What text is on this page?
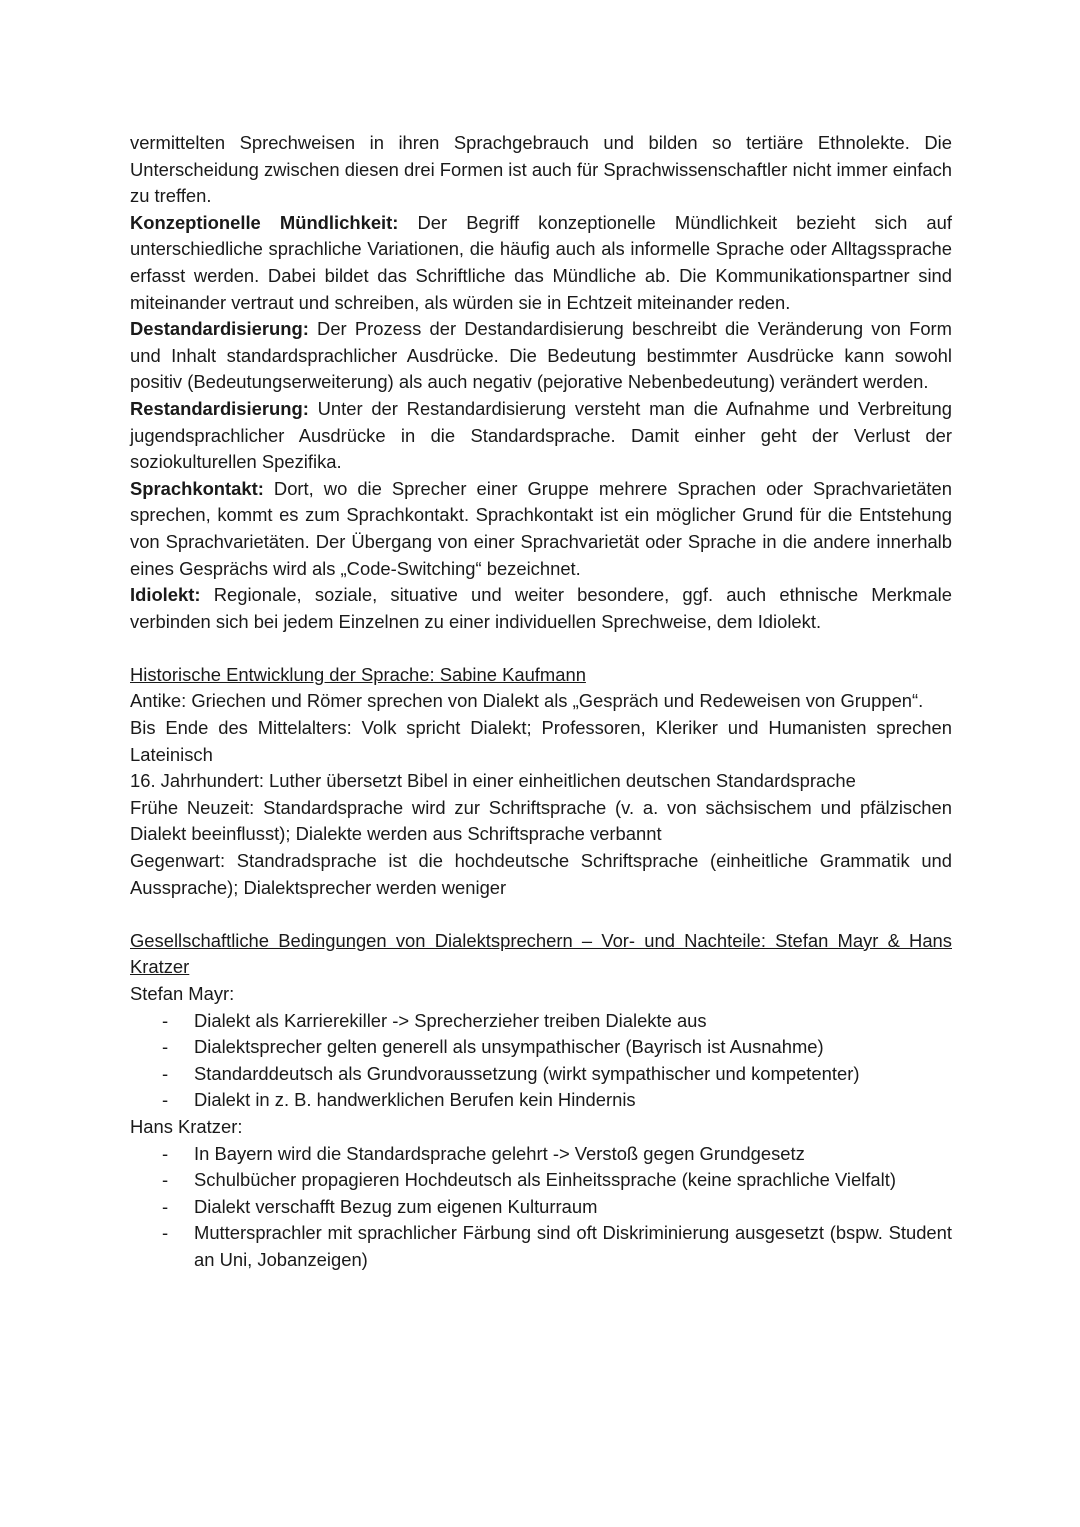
vermittelten Sprechweisen in ihren Sprachgebrauch und bilden so tertiäre Ethnolekte. Die Unterscheidung zwischen diesen drei Formen ist auch für Sprachwissenschaftler nicht immer einfach zu treffen.

Konzeptionelle Mündlichkeit: Der Begriff konzeptionelle Mündlichkeit bezieht sich auf unterschiedliche sprachliche Variationen, die häufig auch als informelle Sprache oder Alltagssprache erfasst werden. Dabei bildet das Schriftliche das Mündliche ab. Die Kommunikationspartner sind miteinander vertraut und schreiben, als würden sie in Echtzeit miteinander reden.

Destandardisierung: Der Prozess der Destandardisierung beschreibt die Veränderung von Form und Inhalt standardsprachlicher Ausdrücke. Die Bedeutung bestimmter Ausdrücke kann sowohl positiv (Bedeutungserweiterung) als auch negativ (pejorative Nebenbedeutung) verändert werden.

Restandardisierung: Unter der Restandardisierung versteht man die Aufnahme und Verbreitung jugendsprachlicher Ausdrücke in die Standardsprache. Damit einher geht der Verlust der soziokulturellen Spezifika.

Sprachkontakt: Dort, wo die Sprecher einer Gruppe mehrere Sprachen oder Sprachvarietäten sprechen, kommt es zum Sprachkontakt. Sprachkontakt ist ein möglicher Grund für die Entstehung von Sprachvarietäten. Der Übergang von einer Sprachvarietät oder Sprache in die andere innerhalb eines Gesprächs wird als „Code-Switching“ bezeichnet.

Idiolekt: Regionale, soziale, situative und weiter besondere, ggf. auch ethnische Merkmale verbinden sich bei jedem Einzelnen zu einer individuellen Sprechweise, dem Idiolekt.

Historische Entwicklung der Sprache: Sabine Kaufmann

Antike: Griechen und Römer sprechen von Dialekt als „Gespräch und Redeweisen von Gruppen“.

Bis Ende des Mittelalters: Volk spricht Dialekt; Professoren, Kleriker und Humanisten sprechen Lateinisch

16. Jahrhundert: Luther übersetzt Bibel in einer einheitlichen deutschen Standardsprache

Frühe Neuzeit: Standardsprache wird zur Schriftsprache (v. a. von sächsischem und pfälzischen Dialekt beeinflusst); Dialekte werden aus Schriftsprache verbannt

Gegenwart: Standradsprache ist die hochdeutsche Schriftsprache (einheitliche Grammatik und Aussprache); Dialektsprecher werden weniger

Gesellschaftliche Bedingungen von Dialektsprechern – Vor- und Nachteile: Stefan Mayr & Hans Kratzer

Stefan Mayr:

- Dialekt als Karrierekiller -> Sprecherzieher treiben Dialekte aus
- Dialektsprecher gelten generell als unsympathischer (Bayrisch ist Ausnahme)
- Standarddeutsch als Grundvoraussetzung (wirkt sympathischer und kompetenter)
- Dialekt in z. B. handwerklichen Berufen kein Hindernis

Hans Kratzer:

- In Bayern wird die Standardsprache gelehrt -> Verstoß gegen Grundgesetz
- Schulbücher propagieren Hochdeutsch als Einheitssprache (keine sprachliche Vielfalt)
- Dialekt verschafft Bezug zum eigenen Kulturraum
- Muttersprachler mit sprachlicher Färbung sind oft Diskriminierung ausgesetzt (bspw. Student an Uni, Jobanzeigen)
